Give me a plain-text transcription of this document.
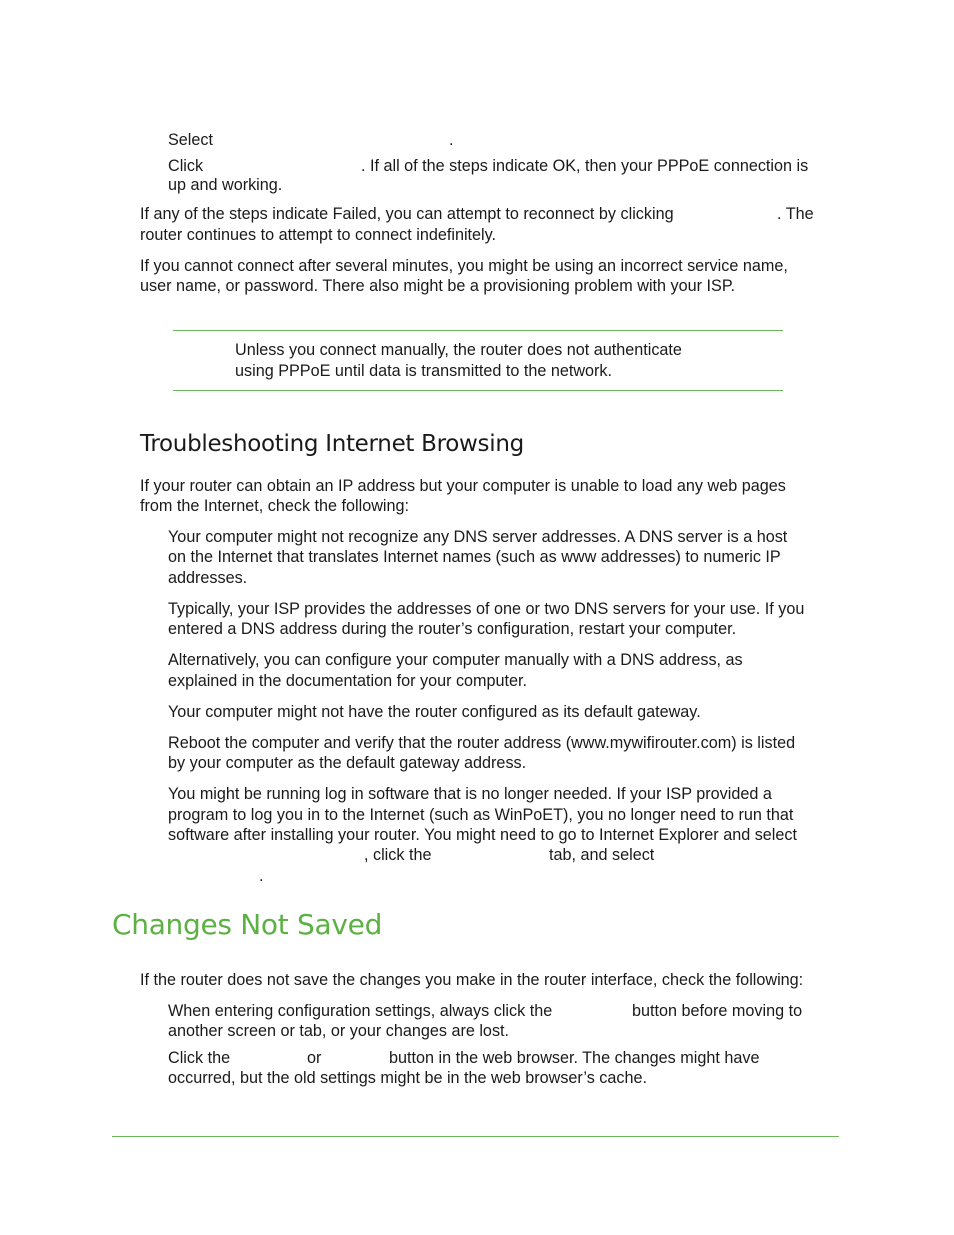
Select	.
Click	. If all of the steps indicate OK, then your PPPoE connection is
up and working.
If any of the steps indicate Failed, you can attempt to reconnect by clicking	. The
router continues to attempt to connect indefinitely.
If you cannot connect after several minutes, you might be using an incorrect service name,
user name, or password. There also might be a provisioning problem with your ISP.
Unless you connect manually, the router does not authenticate
using PPPoE until data is transmitted to the network.
Troubleshooting Internet Browsing
If your router can obtain an IP address but your computer is unable to load any web pages
from the Internet, check the following:
Your computer might not recognize any DNS server addresses. A DNS server is a host
on the Internet that translates Internet names (such as www addresses) to numeric IP
addresses.
Typically, your ISP provides the addresses of one or two DNS servers for your use. If you
entered a DNS address during the router’s configuration, restart your computer.
Alternatively, you can configure your computer manually with a DNS address, as
explained in the documentation for your computer.
Your computer might not have the router configured as its default gateway.
Reboot the computer and verify that the router address (www.mywifirouter.com) is listed
by your computer as the default gateway address.
You might be running log in software that is no longer needed. If your ISP provided a
program to log you in to the Internet (such as WinPoET), you no longer need to run that
software after installing your router. You might need to go to Internet Explorer and select
, click the	tab, and select
.
Changes Not Saved
If the router does not save the changes you make in the router interface, check the following:
When entering configuration settings, always click the	button before moving to
another screen or tab, or your changes are lost.
Click the	or	button in the web browser. The changes might have
occurred, but the old settings might be in the web browser’s cache.
